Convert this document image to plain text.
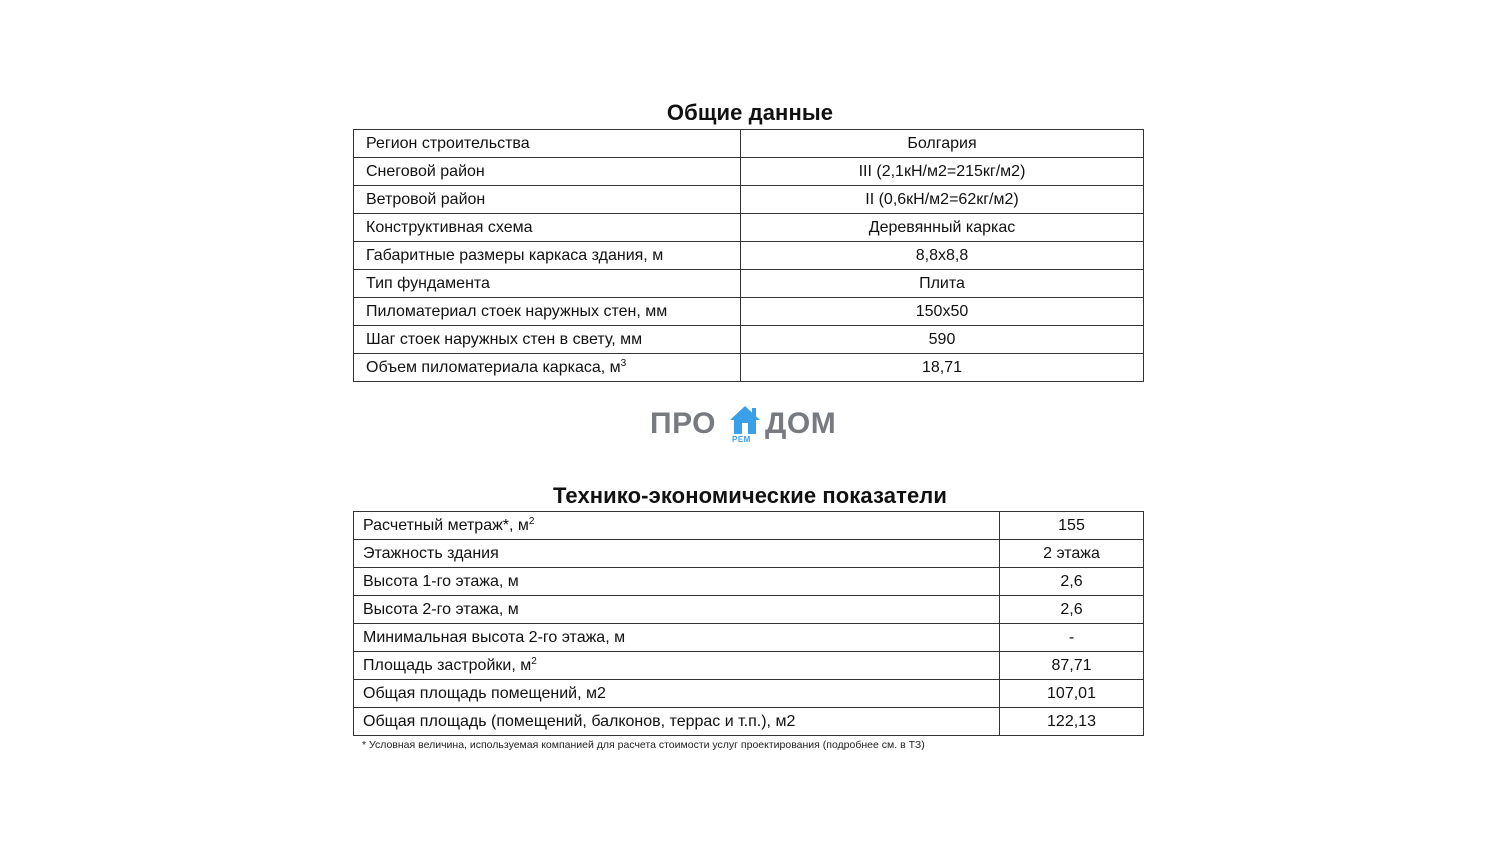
Общие данные
Регион строительства	Болгария
Снеговой район	III (2,1кН/м2=215кг/м2)
Ветровой район	II (0,6кН/м2=62кг/м2)
Конструктивная схема	Деревянный каркас
Габаритные размеры каркаса здания, м	8,8x8,8
Тип фундамента	Плита
Пиломатериал стоек наружных стен, мм	150x50
Шаг стоек наружных стен в свету, мм	590
Объем пиломатериала каркаса, $м^3$	18,71
ПРО РЕМ ДОМ
Технико-экономические показатели
Расчетный метраж*, $м^2$	155
Этажность здания	2 этажа
Высота 1-го этажа, м	2,6
Высота 2-го этажа, м	2,6
Минимальная высота 2-го этажа, м	-
Площадь застройки, $м^2$	87,71
Общая площадь помещений, м2	107,01
Общая площадь (помещений, балконов, террас и т.п.), м2	122,13
* Условная величина, используемая компанией для расчета стоимости услуг проектирования (подробнее см. в ТЗ)
